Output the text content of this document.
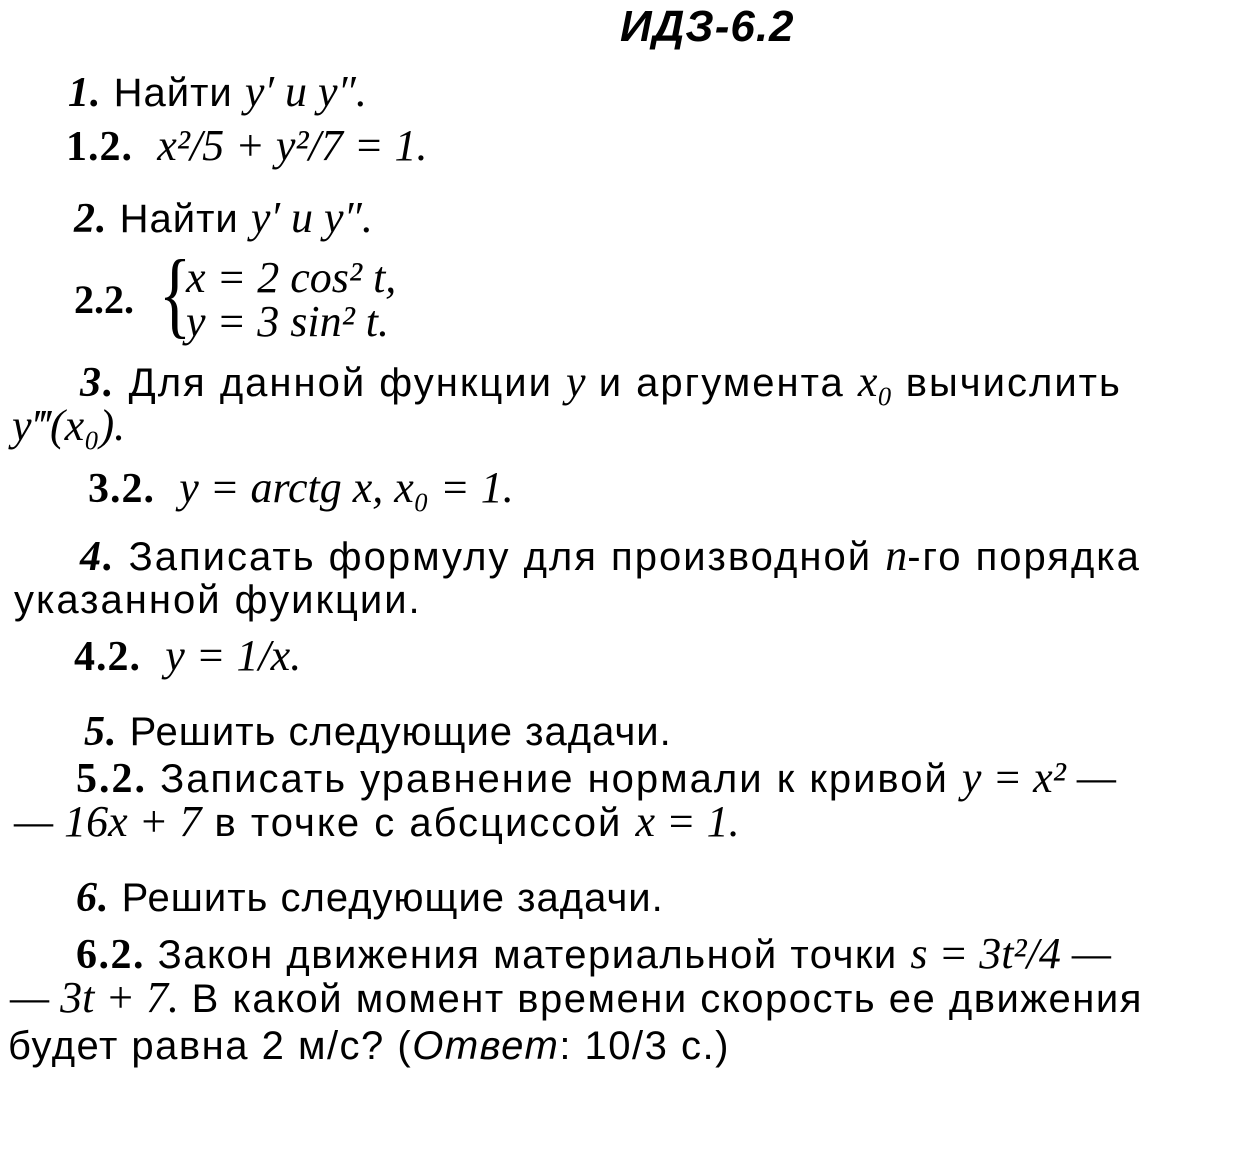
ИДЗ-6.2
1. Найти y′ и y″.
1.2. x²/5 + y²/7 = 1.
2. Найти y′ и y″.
2.2. {
x = 2 cos² t,
y = 3 sin² t.
3. Для данной функции y и аргумента x₀ вычислить
y‴(x₀).
3.2. y = arctg x, x₀ = 1.
4. Записать формулу для производной n-го порядка
указанной фуикции.
4.2. y = 1/x.
5. Решить следующие задачи.
5.2. Записать уравнение нормали к кривой y = x² —
— 16x + 7 в точке с абсциссой x = 1.
6. Решить следующие задачи.
6.2. Закон движения материальной точки s = 3t²/4 —
— 3t + 7. В какой момент времени скорость ее движения
будет равна 2 м/с? (Ответ: 10/3 с.)
